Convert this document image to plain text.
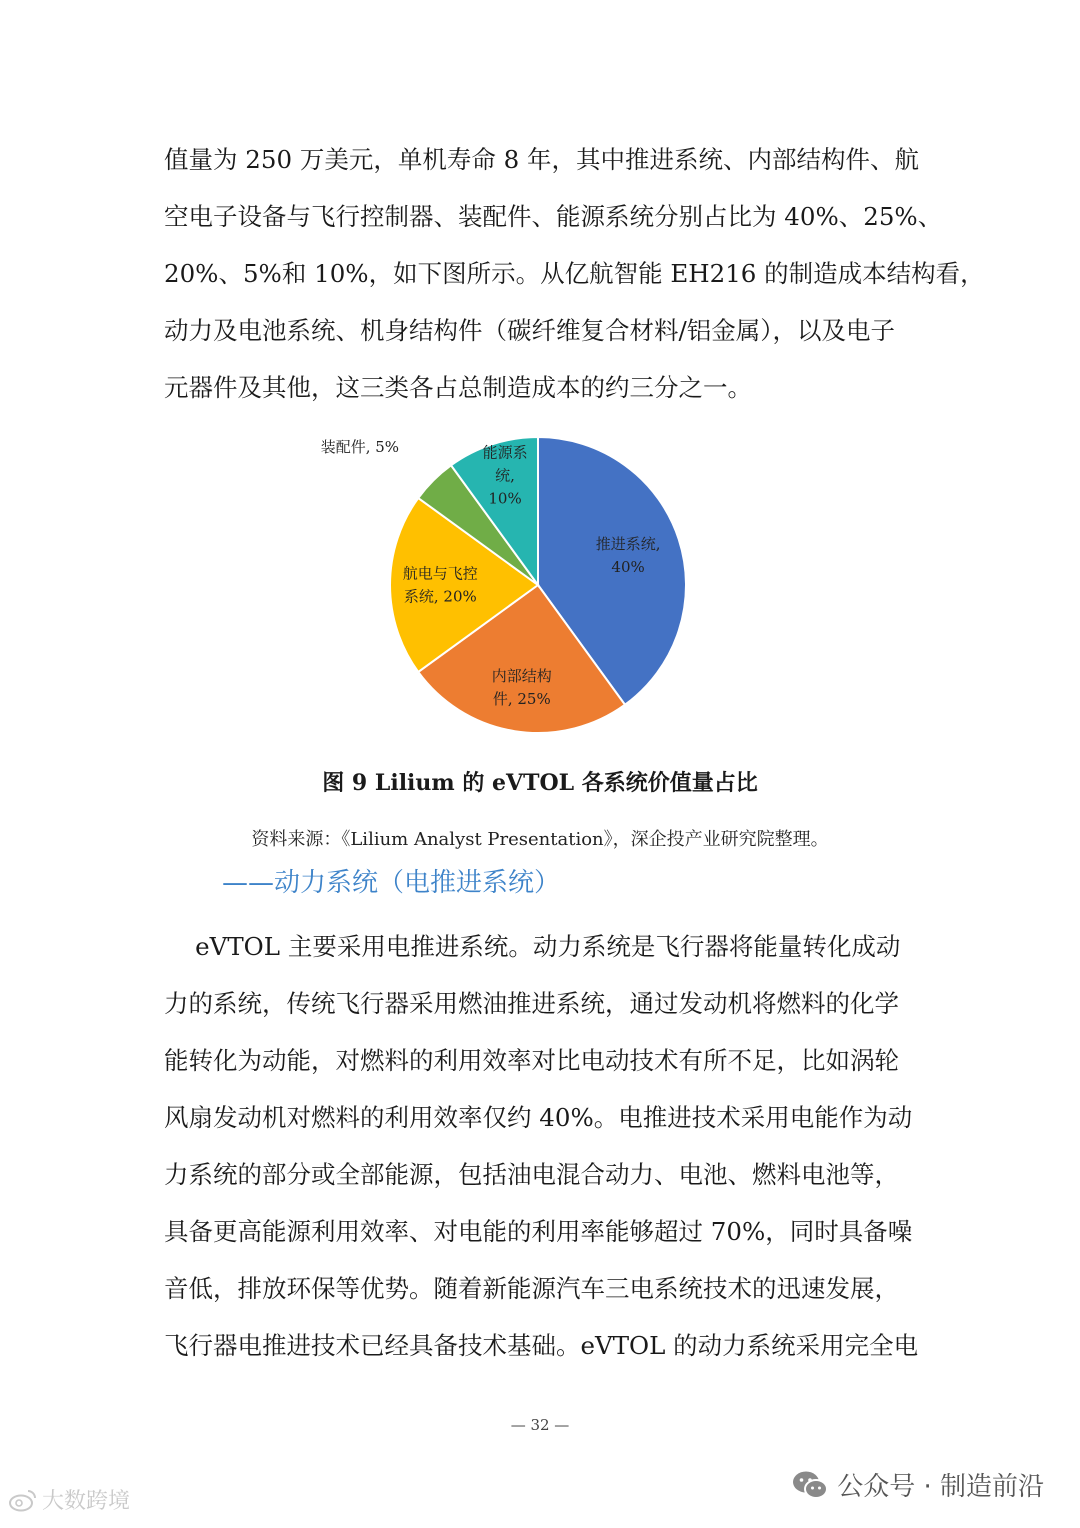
值量为 250 万美元，单机寿命 8 年，其中推进系统、内部结构件、航
空电子设备与飞行控制器、装配件、能源系统分别占比为 40%、25%、
20%、5%和 10%，如下图所示。从亿航智能 EH216 的制造成本结构看，
动力及电池系统、机身结构件（碳纤维复合材料/铝金属），以及电子
元器件及其他，这三类各占总制造成本的约三分之一。
推进系统, 40%
内部结构件, 25%
航电与飞控系统, 20%
装配件, 5%	能源系统, 10%
图 9 Lilium 的 eVTOL 各系统价值量占比
资料来源：《Lilium Analyst Presentation》，深企投产业研究院整理。
——动力系统（电推进系统）
eVTOL 主要采用电推进系统。动力系统是飞行器将能量转化成动
力的系统，传统飞行器采用燃油推进系统，通过发动机将燃料的化学
能转化为动能，对燃料的利用效率对比电动技术有所不足，比如涡轮
风扇发动机对燃料的利用效率仅约 40%。电推进技术采用电能作为动
力系统的部分或全部能源，包括油电混合动力、电池、燃料电池等，
具备更高能源利用效率、对电能的利用率能够超过 70%，同时具备噪
音低，排放环保等优势。随着新能源汽车三电系统技术的迅速发展，
飞行器电推进技术已经具备技术基础。eVTOL 的动力系统采用完全电
— 32 —
公众号 · 制造前沿
大数跨境
